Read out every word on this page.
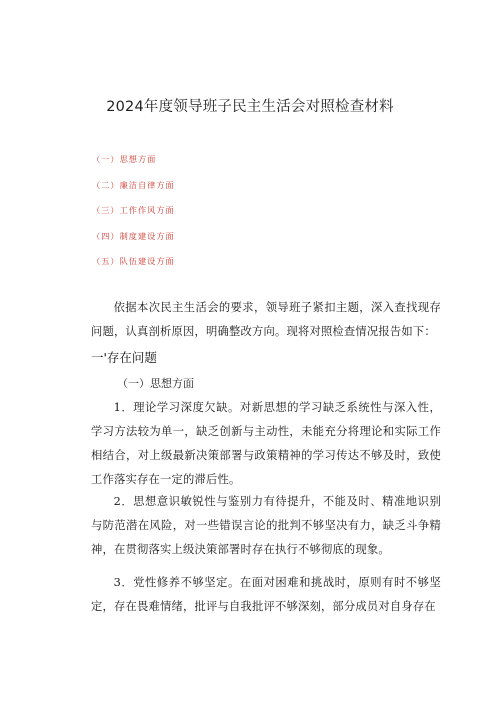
2024年度领导班子民主生活会对照检查材料
（一）思想方面
（二）廉洁自律方面
（三）工作作风方面
（四）制度建设方面
（五）队伍建设方面

依据本次民主生活会的要求，领导班子紧扣主题，深入查找现存问题，认真剖析原因，明确整改方向。现将对照检查情况报告如下：

一'存在问题
（一）思想方面

1．理论学习深度欠缺。对新思想的学习缺乏系统性与深入性，学习方法较为单一，缺乏创新与主动性，未能充分将理论和实际工作相结合，对上级最新决策部署与政策精神的学习传达不够及时，致使工作落实存在一定的滞后性。

2．思想意识敏锐性与鉴别力有待提升，不能及时、精准地识别与防范潜在风险，对一些错误言论的批判不够坚决有力，缺乏斗争精神，在贯彻落实上级決策部署时存在执行不够彻底的现象。

3．党性修养不够坚定。在面对困难和挑战时，原则有时不够坚定，存在畏难情绪，批评与自我批评不够深刻，部分成员对自身存在
